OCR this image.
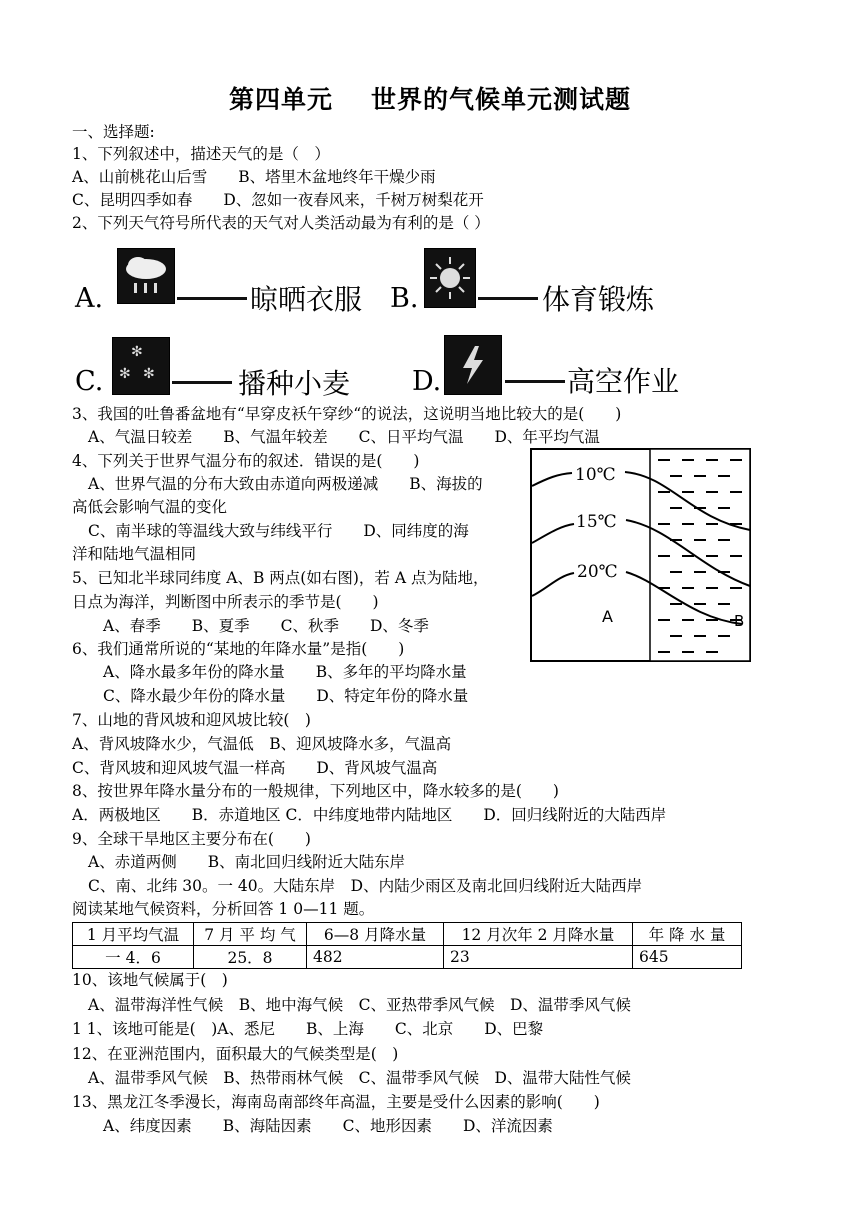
第四单元 世界的气候单元测试题
一、选择题:
1、下列叙述中，描述天气的是（　）
A、山前桃花山后雪　　B、塔里木盆地终年干燥少雨
C、昆明四季如春　　D、忽如一夜春风来，千树万树梨花开
2、下列天气符号所代表的天气对人类活动最为有利的是（ ）
A.	晾晒衣服 B.	体育锻炼
C.
✻
✻ ✻	播种小麦 D.	高空作业
3、我国的吐鲁番盆地有“早穿皮袄午穿纱“的说法，这说明当地比较大的是(　　)
A、气温日较差　　B、气温年较差　　C、日平均气温　　D、年平均气温
4、下列关于世界气温分布的叙述．错误的是(　　)
A、世界气温的分布大致由赤道向两极递减　　B、海拔的
高低会影响气温的变化
C、南半球的等温线大致与纬线平行　　D、同纬度的海
洋和陆地气温相同
5、已知北半球同纬度 A、B 两点(如右图)，若 A 点为陆地，
日点为海洋，判断图中所表示的季节是(　　)
A、春季　　B、夏季　　C、秋季　　D、冬季
6、我们通常所说的“某地的年降水量”是指(　　)
A、降水最多年份的降水量　　B、多年的平均降水量
C、降水最少年份的降水量　　D、特定年份的降水量
7、山地的背风坡和迎风坡比较(　)
A、背风坡降水少，气温低　B、迎风坡降水多，气温高
C、背风坡和迎风坡气温一样高　　D、背风坡气温高
8、按世界年降水量分布的一般规律，下列地区中，降水较多的是(　　)
A．两极地区　　B．赤道地区 C．中纬度地带内陆地区　　D．回归线附近的大陆西岸
9、全球干旱地区主要分布在(　　)
A、赤道两侧　　B、南北回归线附近大陆东岸
C、南、北纬 30。一 40。大陆东岸　D、内陆少雨区及南北回归线附近大陆西岸
阅读某地气候资料，分析回答 1 0—11 题。
1 月平均气温	7 月 平 均 气	6—8 月降水量	12 月次年 2 月降水量	年 降 水 量
一 4．6	25．8	482	23	645
10、该地气候属于(　)
A、温带海洋性气候　B、地中海气候　C、亚热带季风气候　D、温带季风气候
1 1、该地可能是(　)A、悉尼　　B、上海　　C、北京　　D、巴黎
12、在亚洲范围内，面积最大的气候类型是(　)
A、温带季风气候　B、热带雨林气候　C、温带季风气候　D、温带大陆性气候
13、黑龙江冬季漫长，海南岛南部终年高温，主要是受什么因素的影响(　　)
A、纬度因素　　B、海陆因素　　C、地形因素　　D、洋流因素
10℃
15℃
20℃
A	B
